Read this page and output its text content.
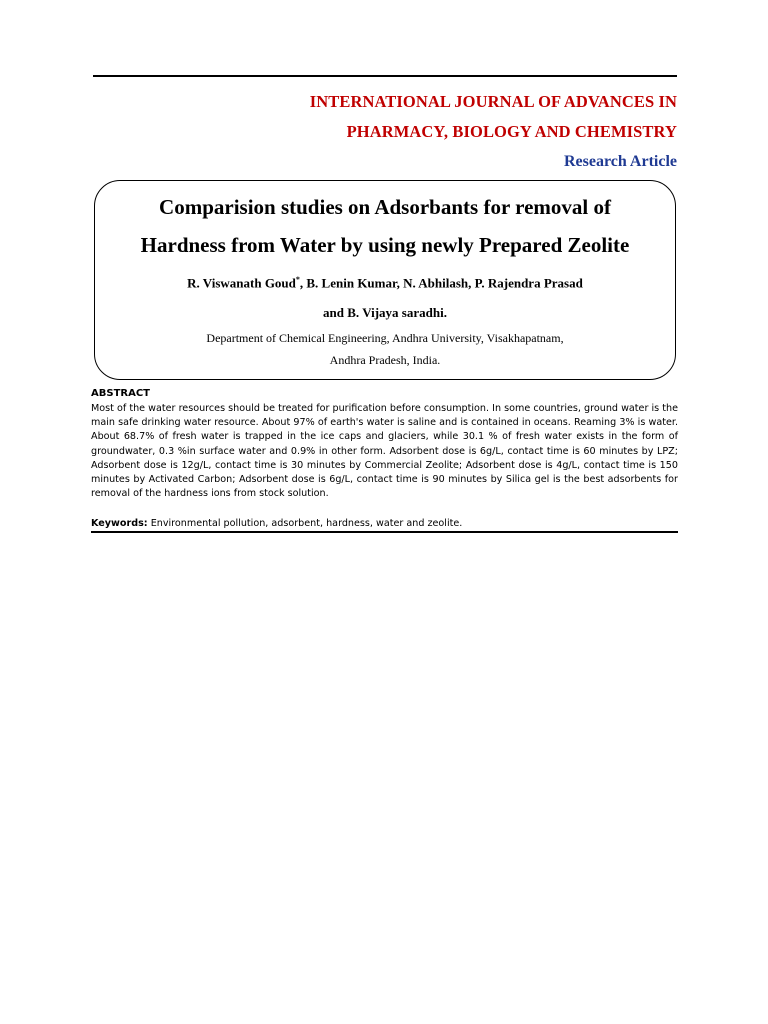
INTERNATIONAL JOURNAL OF ADVANCES IN
PHARMACY, BIOLOGY AND CHEMISTRY
Research Article
Comparision studies on Adsorbants for removal of
Hardness from Water by using newly Prepared Zeolite
R. Viswanath Goud*, B. Lenin Kumar, N. Abhilash, P. Rajendra Prasad
and B. Vijaya saradhi.
Department of Chemical Engineering, Andhra University, Visakhapatnam,
Andhra Pradesh, India.
ABSTRACT

Most of the water resources should be treated for purification before consumption. In some countries, ground water is the main safe drinking water resource. About 97% of earth's water is saline and is contained in oceans. Reaming 3% is water. About 68.7% of fresh water is trapped in the ice caps and glaciers, while 30.1 % of fresh water exists in the form of groundwater, 0.3 %in surface water and 0.9% in other form. Adsorbent dose is 6g/L, contact time is 60 minutes by LPZ; Adsorbent dose is 12g/L, contact time is 30 minutes by Commercial Zeolite; Adsorbent dose is 4g/L, contact time is 150 minutes by Activated Carbon; Adsorbent dose is 6g/L, contact time is 90 minutes by Silica gel is the best adsorbents for removal of the hardness ions from stock solution.

Keywords: Environmental pollution, adsorbent, hardness, water and zeolite.
